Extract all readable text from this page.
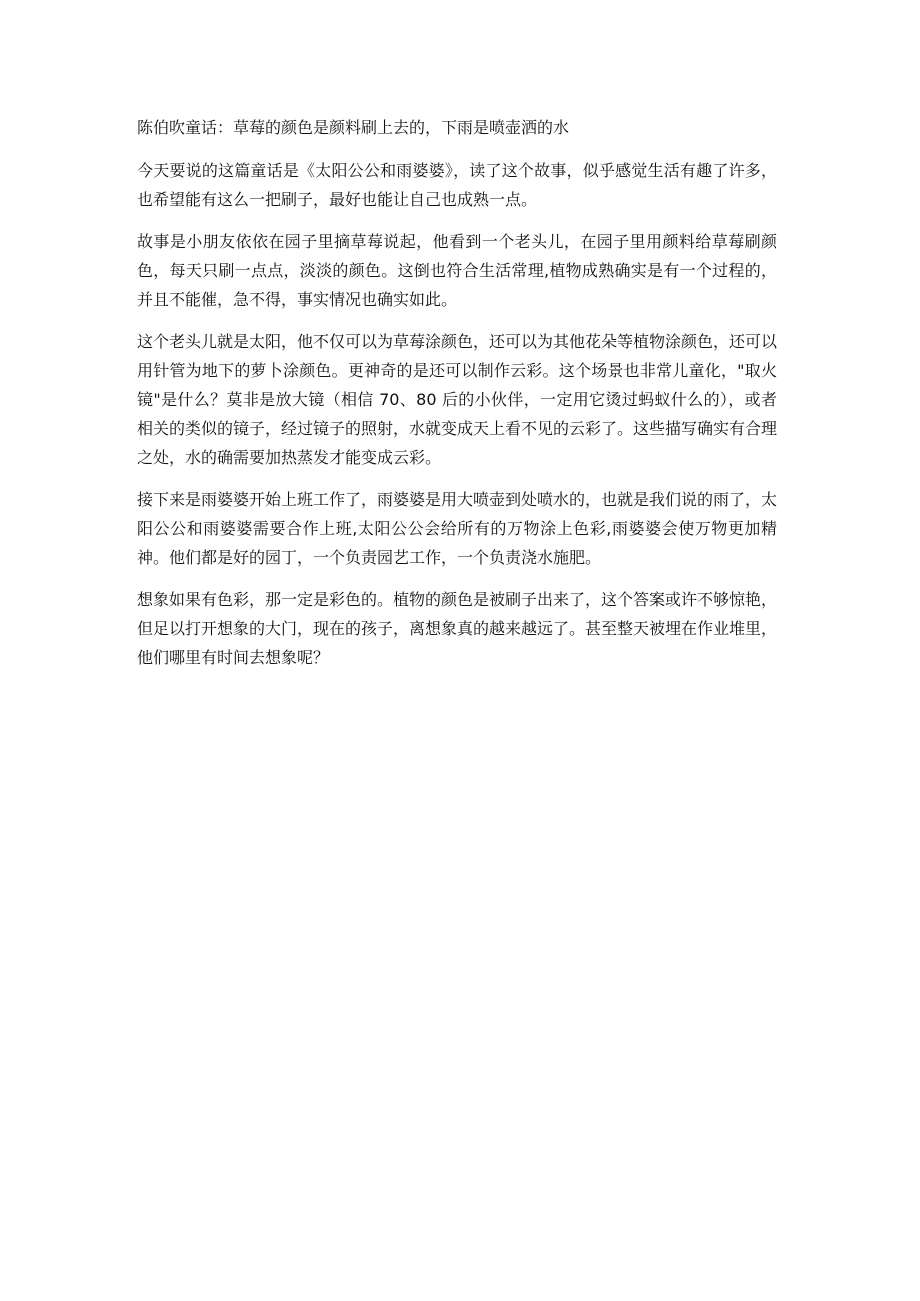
陈伯吹童话：草莓的颜色是颜料刷上去的，下雨是喷壶洒的水

今天要说的这篇童话是《太阳公公和雨婆婆》，读了这个故事，似乎感觉生活有趣了许多，也希望能有这么一把刷子，最好也能让自己也成熟一点。

故事是小朋友依依在园子里摘草莓说起，他看到一个老头儿，在园子里用颜料给草莓刷颜色，每天只刷一点点，淡淡的颜色。这倒也符合生活常理,植物成熟确实是有一个过程的，并且不能催，急不得，事实情况也确实如此。

这个老头儿就是太阳，他不仅可以为草莓涂颜色，还可以为其他花朵等植物涂颜色，还可以用针管为地下的萝卜涂颜色。更神奇的是还可以制作云彩。这个场景也非常儿童化，"取火镜"是什么？莫非是放大镜（相信 70、80 后的小伙伴，一定用它烫过蚂蚁什么的），或者相关的类似的镜子，经过镜子的照射，水就变成天上看不见的云彩了。这些描写确实有合理之处，水的确需要加热蒸发才能变成云彩。

接下来是雨婆婆开始上班工作了，雨婆婆是用大喷壶到处喷水的，也就是我们说的雨了，太阳公公和雨婆婆需要合作上班,太阳公公会给所有的万物涂上色彩,雨婆婆会使万物更加精神。他们都是好的园丁，一个负责园艺工作，一个负责浇水施肥。

想象如果有色彩，那一定是彩色的。植物的颜色是被刷子出来了，这个答案或许不够惊艳，但足以打开想象的大门，现在的孩子，离想象真的越来越远了。甚至整天被埋在作业堆里，他们哪里有时间去想象呢？
